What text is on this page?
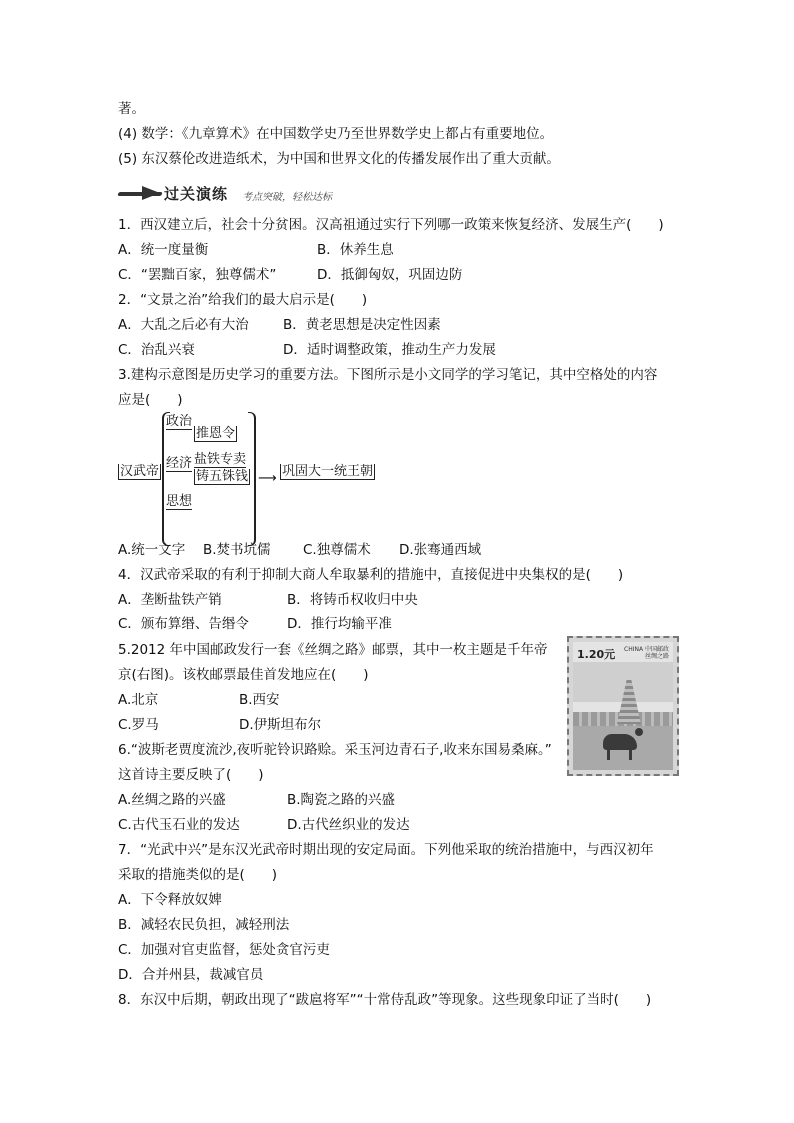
著。
(4) 数学：《九章算术》在中国数学史乃至世界数学史上都占有重要地位。
(5) 东汉蔡伦改进造纸术，为中国和世界文化的传播发展作出了重大贡献。
过关演练 考点突破，轻松达标
1．西汉建立后，社会十分贫困。汉高祖通过实行下列哪一政策来恢复经济、发展生产(　　)
A．统一度量衡	B．休养生息
C．“罢黜百家，独尊儒术”	D．抵御匈奴，巩固边防
2．“文景之治”给我们的最大启示是(　　)
A．大乱之后必有大治	B．黄老思想是决定性因素
C．治乱兴衰	D．适时调整政策，推动生产力发展
3.建构示意图是历史学习的重要方法。下图所示是小文同学的学习笔记，其中空格处的内容
应是(　　)
汉武帝
政治
推恩令
经济 盐铁专卖
铸五铢钱
思想
⟶ 巩固大一统王朝
A.统一文字 B.焚书坑儒 C.独尊儒术 D.张骞通西域
4．汉武帝采取的有利于抑制大商人牟取暴利的措施中，直接促进中央集权的是(　　)
A．垄断盐铁产销	B．将铸币权收归中央
C．颁布算缗、告缗令	D．推行均输平准
5.2012 年中国邮政发行一套《丝绸之路》邮票，其中一枚主题是千年帝
京(右图)。该枚邮票最佳首发地应在(　　)
A.北京	B.西安
C.罗马	D.伊斯坦布尔
1.20元 CHINA 中国邮政
丝绸之路
6.“波斯老贾度流沙,夜听驼铃识路赊。采玉河边青石子,收来东国易桑麻。”
这首诗主要反映了(　　)
A.丝绸之路的兴盛	B.陶瓷之路的兴盛
C.古代玉石业的发达	D.古代丝织业的发达
7．“光武中兴”是东汉光武帝时期出现的安定局面。下列他采取的统治措施中，与西汉初年
采取的措施类似的是(　　)
A．下令释放奴婢
B．减轻农民负担，减轻刑法
C．加强对官吏监督，惩处贪官污吏
D．合并州县，裁减官员
8．东汉中后期，朝政出现了“跋扈将军”“十常侍乱政”等现象。这些现象印证了当时(　　)
